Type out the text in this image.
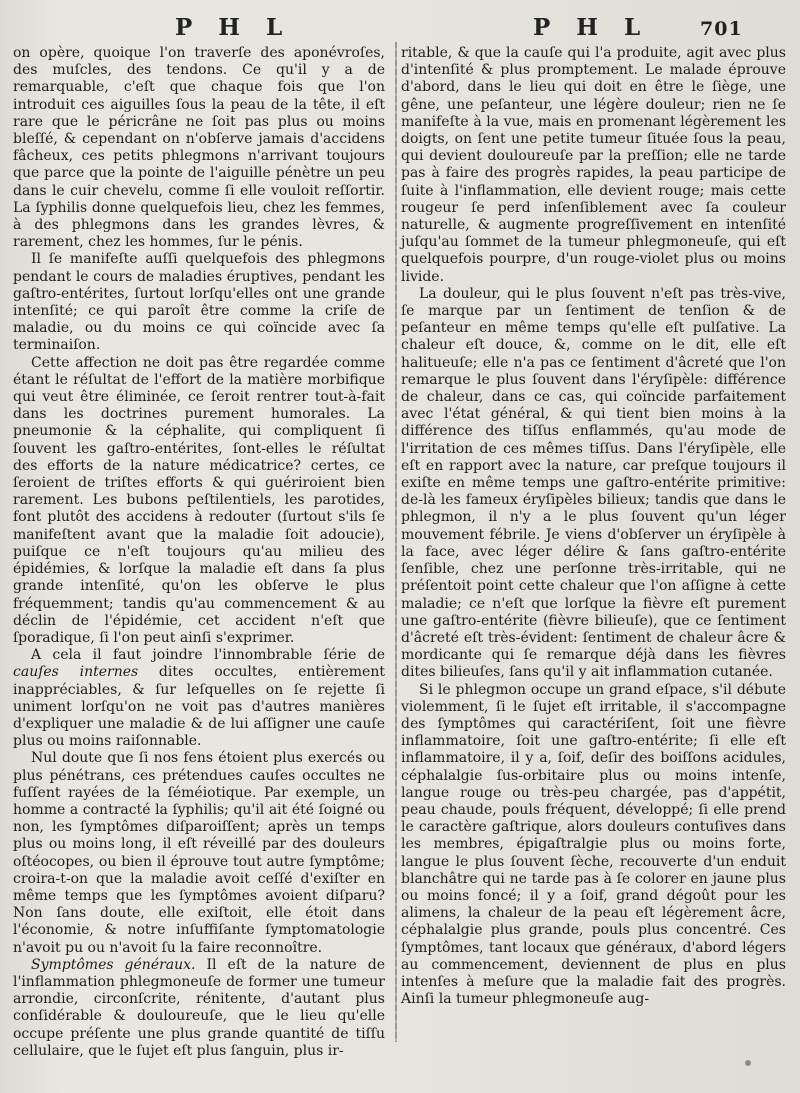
P H L	P H L	701

on opère, quoique l'on traverſe des aponévroſes, des muſcles, des tendons. Ce qu'il y a de remarquable, c'eſt que chaque fois que l'on introduit ces aiguilles ſous la peau de la tête, il eſt rare que le péricrâne ne ſoit pas plus ou moins bleſſé, & cependant on n'obſerve jamais d'accidens fâcheux, ces petits phlegmons n'arrivant toujours que parce que la pointe de l'aiguille pénètre un peu dans le cuir chevelu, comme ſi elle vouloit reſſortir. La ſyphilis donne quelquefois lieu, chez les femmes, à des phlegmons dans les grandes lèvres, & rarement, chez les hommes, ſur le pénis.

Il ſe manifeſte auſſi quelquefois des phlegmons pendant le cours de maladies éruptives, pendant les gaſtro-entérites, ſurtout lorſqu'elles ont une grande intenſité; ce qui paroît être comme la criſe de maladie, ou du moins ce qui coïncide avec ſa terminaiſon.

Cette affection ne doit pas être regardée comme étant le réſultat de l'effort de la matière morbifique qui veut être éliminée, ce ſeroit rentrer tout-à-fait dans les doctrines purement humorales. La pneumonie & la céphalite, qui compliquent ſi ſouvent les gaſtro-entérites, ſont-elles le réſultat des efforts de la nature médicatrice? certes, ce ſeroient de triſtes efforts & qui guériroient bien rarement. Les bubons peſtilentiels, les parotides, font plutôt des accidens à redouter (ſurtout s'ils ſe manifeſtent avant que la maladie ſoit adoucie), puiſque ce n'eſt toujours qu'au milieu des épidémies, & lorſque la maladie eſt dans ſa plus grande intenſité, qu'on les obſerve le plus fréquemment; tandis qu'au commencement & au déclin de l'épidémie, cet accident n'eſt que ſporadique, ſi l'on peut ainſi s'exprimer.

A cela il faut joindre l'innombrable ſérie de cauſes internes dites occultes, entièrement inappréciables, & ſur leſquelles on ſe rejette ſi uniment lorſqu'on ne voit pas d'autres manières d'expliquer une maladie & de lui aſſigner une cauſe plus ou moins raiſonnable.

Nul doute que ſi nos fens étoient plus exercés ou plus pénétrans, ces prétendues cauſes occultes ne fuſſent rayées de la ſéméiotique. Par exemple, un homme a contracté la ſyphilis; qu'il ait été ſoigné ou non, les ſymptômes diſparoiſſent; après un temps plus ou moins long, il eſt réveillé par des douleurs oſtéocopes, ou bien il éprouve tout autre ſymptôme; croira-t-on que la maladie avoit ceſſé d'exiſter en même temps que les ſymptômes avoient diſparu? Non ſans doute, elle exiſtoit, elle étoit dans l'économie, & notre inſuffiſante ſymptomatologie n'avoit pu ou n'avoit ſu la faire reconnoître.

Symptômes généraux. Il eſt de la nature de l'inflammation phlegmoneuſe de former une tumeur arrondie, circonſcrite, rénitente, d'autant plus conſidérable & douloureuſe, que le lieu qu'elle occupe préſente une plus grande quantité de tiſſu cellulaire, que le ſujet eſt plus ſanguin, plus ir-

ritable, & que la cauſe qui l'a produite, agit avec plus d'intenſité & plus promptement. Le malade éprouve d'abord, dans le lieu qui doit en être le ſiège, une gêne, une peſanteur, une légère douleur; rien ne ſe manifeſte à la vue, mais en promenant légèrement les doigts, on ſent une petite tumeur ſituée ſous la peau, qui devient douloureuſe par la preſſion; elle ne tarde pas à faire des progrès rapides, la peau participe de ſuite à l'inflammation, elle devient rouge; mais cette rougeur ſe perd inſenſiblement avec ſa couleur naturelle, & augmente progreſſivement en intenſité juſqu'au ſommet de la tumeur phlegmoneuſe, qui eſt quelquefois pourpre, d'un rouge-violet plus ou moins livide.

La douleur, qui le plus ſouvent n'eſt pas très-vive, ſe marque par un ſentiment de tenſion & de peſanteur en même temps qu'elle eſt pulſative. La chaleur eſt douce, &, comme on le dit, elle eſt halitueuſe; elle n'a pas ce ſentiment d'âcreté que l'on remarque le plus ſouvent dans l'éryſipèle: différence de chaleur, dans ce cas, qui coïncide parfaitement avec l'état général, & qui tient bien moins à la différence des tiſſus enflammés, qu'au mode de l'irritation de ces mêmes tiſſus. Dans l'éryſipèle, elle eſt en rapport avec la nature, car preſque toujours il exiſte en même temps une gaſtro-entérite primitive: de-là les fameux éryſipèles bilieux; tandis que dans le phlegmon, il n'y a le plus ſouvent qu'un léger mouvement fébrile. Je viens d'obſerver un éryſipèle à la face, avec léger délire & ſans gaſtro-entérite ſenſible, chez une perſonne très-irritable, qui ne préſentoit point cette chaleur que l'on aſſigne à cette maladie; ce n'eſt que lorſque la fièvre eſt purement une gaſtro-entérite (fièvre bilieuſe), que ce ſentiment d'âcreté eſt très-évident: ſentiment de chaleur âcre & mordicante qui ſe remarque déjà dans les fièvres dites bilieuſes, ſans qu'il y ait inflammation cutanée.

Si le phlegmon occupe un grand eſpace, s'il débute violemment, ſi le ſujet eſt irritable, il s'accompagne des ſymptômes qui caractériſent, ſoit une fièvre inflammatoire, ſoit une gaſtro-entérite; ſi elle eſt inflammatoire, il y a, ſoif, deſir des boiſſons acidules, céphalalgie ſus-orbitaire plus ou moins intenſe, langue rouge ou très-peu chargée, pas d'appétit, peau chaude, pouls fréquent, développé; ſi elle prend le caractère gaſtrique, alors douleurs contuſives dans les membres, épigaſtralgie plus ou moins forte, langue le plus ſouvent ſèche, recouverte d'un enduit blanchâtre qui ne tarde pas à ſe colorer en jaune plus ou moins foncé; il y a ſoif, grand dégoût pour les alimens, la chaleur de la peau eſt légèrement âcre, céphalalgie plus grande, pouls plus concentré. Ces ſymptômes, tant locaux que généraux, d'abord légers au commencement, deviennent de plus en plus intenſes à meſure que la maladie fait des progrès. Ainſi la tumeur phlegmoneuſe aug-
